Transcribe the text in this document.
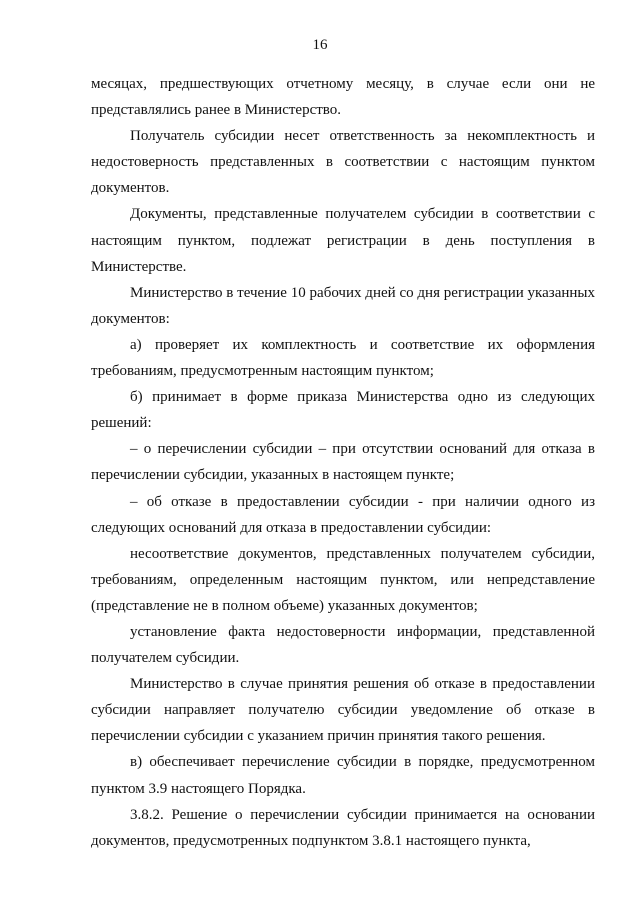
16

месяцах, предшествующих отчетному месяцу, в случае если они не представлялись ранее в Министерство.

Получатель субсидии несет ответственность за некомплектность и недостоверность представленных в соответствии с настоящим пунктом документов.

Документы, представленные получателем субсидии в соответствии с настоящим пунктом, подлежат регистрации в день поступления в Министерстве.

Министерство в течение 10 рабочих дней со дня регистрации указанных документов:

а) проверяет их комплектность и соответствие их оформления требованиям, предусмотренным настоящим пунктом;

б) принимает в форме приказа Министерства одно из следующих решений:

– о перечислении субсидии – при отсутствии оснований для отказа в перечислении субсидии, указанных в настоящем пункте;

– об отказе в предоставлении субсидии - при наличии одного из следующих оснований для отказа в предоставлении субсидии:

несоответствие документов, представленных получателем субсидии, требованиям, определенным настоящим пунктом, или непредставление (представление не в полном объеме) указанных документов;

установление факта недостоверности информации, представленной получателем субсидии.

Министерство в случае принятия решения об отказе в предоставлении субсидии направляет получателю субсидии уведомление об отказе в перечислении субсидии с указанием причин принятия такого решения.

в) обеспечивает перечисление субсидии в порядке, предусмотренном пунктом 3.9 настоящего Порядка.

3.8.2. Решение о перечислении субсидии принимается на основании документов, предусмотренных подпунктом 3.8.1 настоящего пункта,
